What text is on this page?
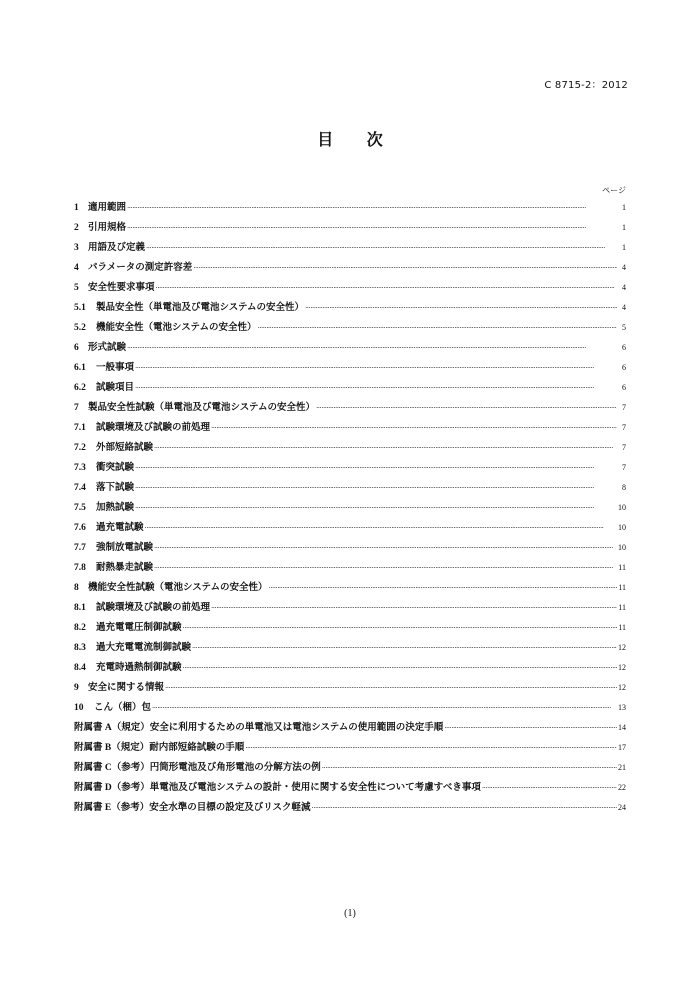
C 8715-2：2012
目 次
ページ
1 適用範囲 ·····	1
2 引用規格 ·····	1
3 用語及び定義 ·····	1
4 パラメータの測定許容差 ·····	4
5 安全性要求事項 ·····	4
5.1	製品安全性（単電池及び電池システムの安全性） ·····	4
5.2	機能安全性（電池システムの安全性） ·····	5
6 形式試験 ·····	6
6.1	一般事項 ·····	6
6.2	試験項目 ·····	6
7 製品安全性試験（単電池及び電池システムの安全性） ·····	7
7.1	試験環境及び試験の前処理 ·····	7
7.2	外部短絡試験 ·····	7
7.3	衝突試験 ·····	7
7.4	落下試験 ·····	8
7.5	加熱試験 ·····	10
7.6	過充電試験 ·····	10
7.7	強制放電試験 ·····	10
7.8	耐熱暴走試験 ·····	11
8 機能安全性試験（電池システムの安全性） ·····	11
8.1	試験環境及び試験の前処理 ·····	11
8.2	過充電電圧制御試験 ·····	11
8.3	過大充電電流制御試験 ·····	12
8.4	充電時過熱制御試験 ·····	12
9 安全に関する情報 ·····	12
10	こん（梱）包 ·····	13
附属書 A （規定）安全に利用するための単電池又は電池システムの使用範囲の決定手順 ·····	14
附属書 B （規定）耐内部短絡試験の手順 ·····	17
附属書 C （参考）円筒形電池及び角形電池の分解方法の例 ·····	21
附属書 D （参考）単電池及び電池システムの設計・使用に関する安全性について考慮すべき事項 ·····	22
附属書 E （参考）安全水準の目標の設定及びリスク軽減 ·····	24
(1)
